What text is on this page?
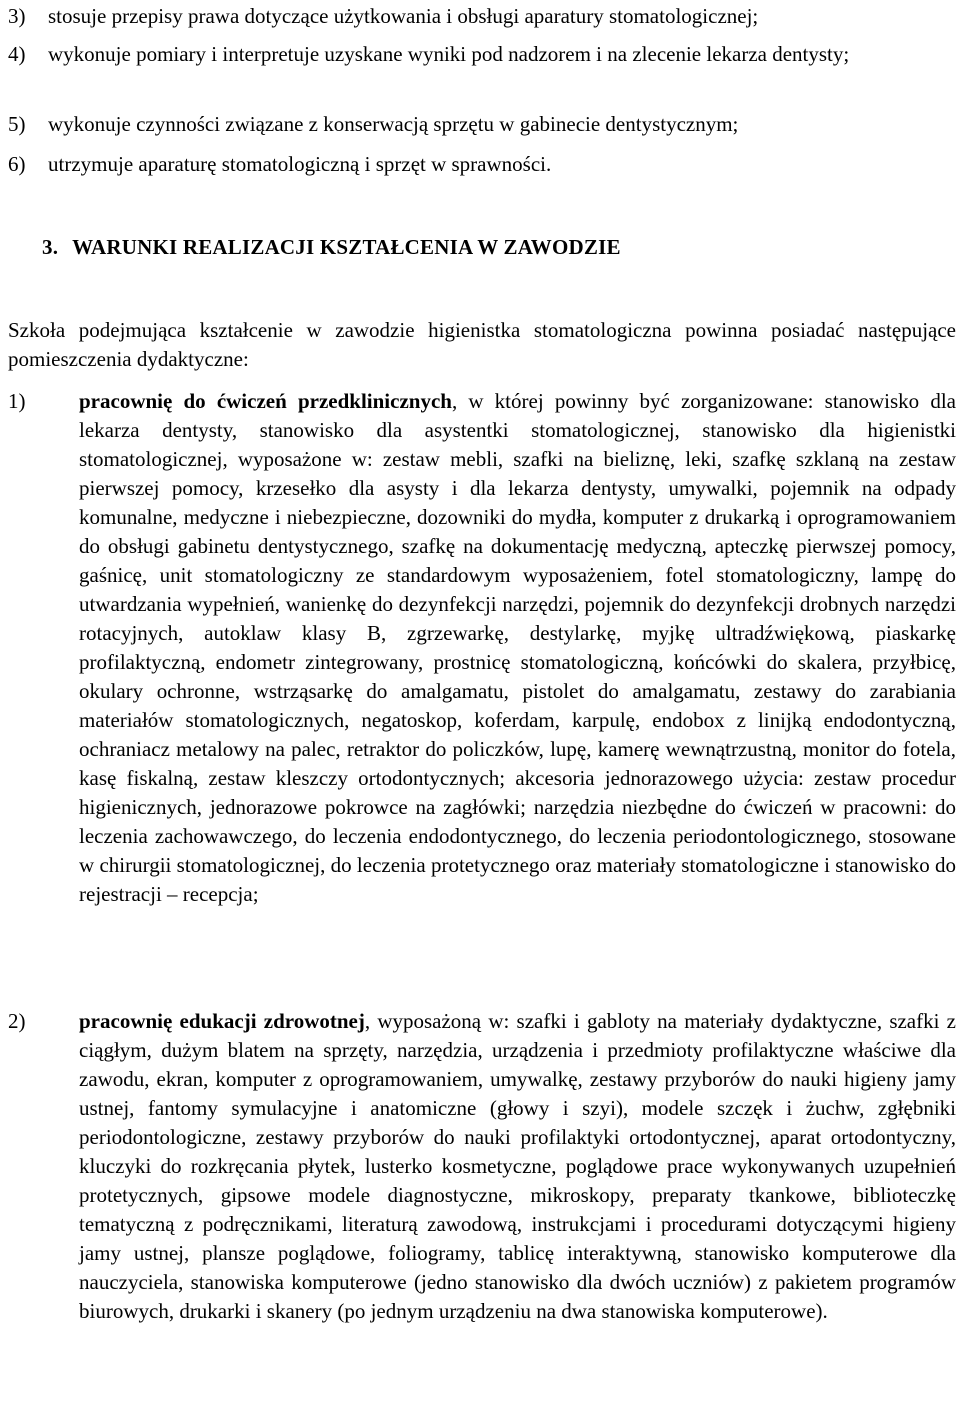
3)	stosuje przepisy prawa dotyczące użytkowania i obsługi aparatury stomatologicznej;
4)	wykonuje pomiary i interpretuje uzyskane wyniki pod nadzorem i na zlecenie lekarza dentysty;
5)	wykonuje czynności związane z konserwacją sprzętu w gabinecie dentystycznym;
6)	utrzymuje aparaturę stomatologiczną i sprzęt w sprawności.
3. WARUNKI REALIZACJI KSZTAŁCENIA W ZAWODZIE
Szkoła podejmująca kształcenie w zawodzie higienistka stomatologiczna powinna posiadać następujące pomieszczenia dydaktyczne:
1)	pracownię do ćwiczeń przedklinicznych, w której powinny być zorganizowane: stanowisko dla lekarza dentysty, stanowisko dla asystentki stomatologicznej, stanowisko dla higienistki stomatologicznej, wyposażone w: zestaw mebli, szafki na bieliznę, leki, szafkę szklaną na zestaw pierwszej pomocy, krzesełko dla asysty i dla lekarza dentysty, umywalki, pojemnik na odpady komunalne, medyczne i niebezpieczne, dozowniki do mydła, komputer z drukarką i oprogramowaniem do obsługi gabinetu dentystycznego, szafkę na dokumentację medyczną, apteczkę pierwszej pomocy, gaśnicę, unit stomatologiczny ze standardowym wyposażeniem, fotel stomatologiczny, lampę do utwardzania wypełnień, wanienkę do dezynfekcji narzędzi, pojemnik do dezynfekcji drobnych narzędzi rotacyjnych, autoklaw klasy B, zgrzewarkę, destylarkę, myjkę ultradźwiękową, piaskarkę profilaktyczną, endometr zintegrowany, prostnicę stomatologiczną, końcówki do skalera, przyłbicę, okulary ochronne, wstrząsarkę do amalgamatu, pistolet do amalgamatu, zestawy do zarabiania materiałów stomatologicznych, negatoskop, koferdam, karpulę, endobox z linijką endodontyczną, ochraniacz metalowy na palec, retraktor do policzków, lupę, kamerę wewnątrzustną, monitor do fotela, kasę fiskalną, zestaw kleszczy ortodontycznych; akcesoria jednorazowego użycia: zestaw procedur higienicznych, jednorazowe pokrowce na zagłówki; narzędzia niezbędne do ćwiczeń w pracowni: do leczenia zachowawczego, do leczenia endodontycznego, do leczenia periodontologicznego, stosowane w chirurgii stomatologicznej, do leczenia protetycznego oraz materiały stomatologiczne i stanowisko do rejestracji – recepcja;
2)	pracownię edukacji zdrowotnej, wyposażoną w: szafki i gabloty na materiały dydaktyczne, szafki z ciągłym, dużym blatem na sprzęty, narzędzia, urządzenia i przedmioty profilaktyczne właściwe dla zawodu, ekran, komputer z oprogramowaniem, umywalkę, zestawy przyborów do nauki higieny jamy ustnej, fantomy symulacyjne i anatomiczne (głowy i szyi), modele szczęk i żuchw, zgłębniki periodontologiczne, zestawy przyborów do nauki profilaktyki ortodontycznej, aparat ortodontyczny, kluczyki do rozkręcania płytek, lusterko kosmetyczne, poglądowe prace wykonywanych uzupełnień protetycznych, gipsowe modele diagnostyczne, mikroskopy, preparaty tkankowe, biblioteczkę tematyczną z podręcznikami, literaturą zawodową, instrukcjami i procedurami dotyczącymi higieny jamy ustnej, plansze poglądowe, foliogramy, tablicę interaktywną, stanowisko komputerowe dla nauczyciela, stanowiska komputerowe (jedno stanowisko dla dwóch uczniów) z pakietem programów biurowych, drukarki i skanery (po jednym urządzeniu na dwa stanowiska komputerowe).
